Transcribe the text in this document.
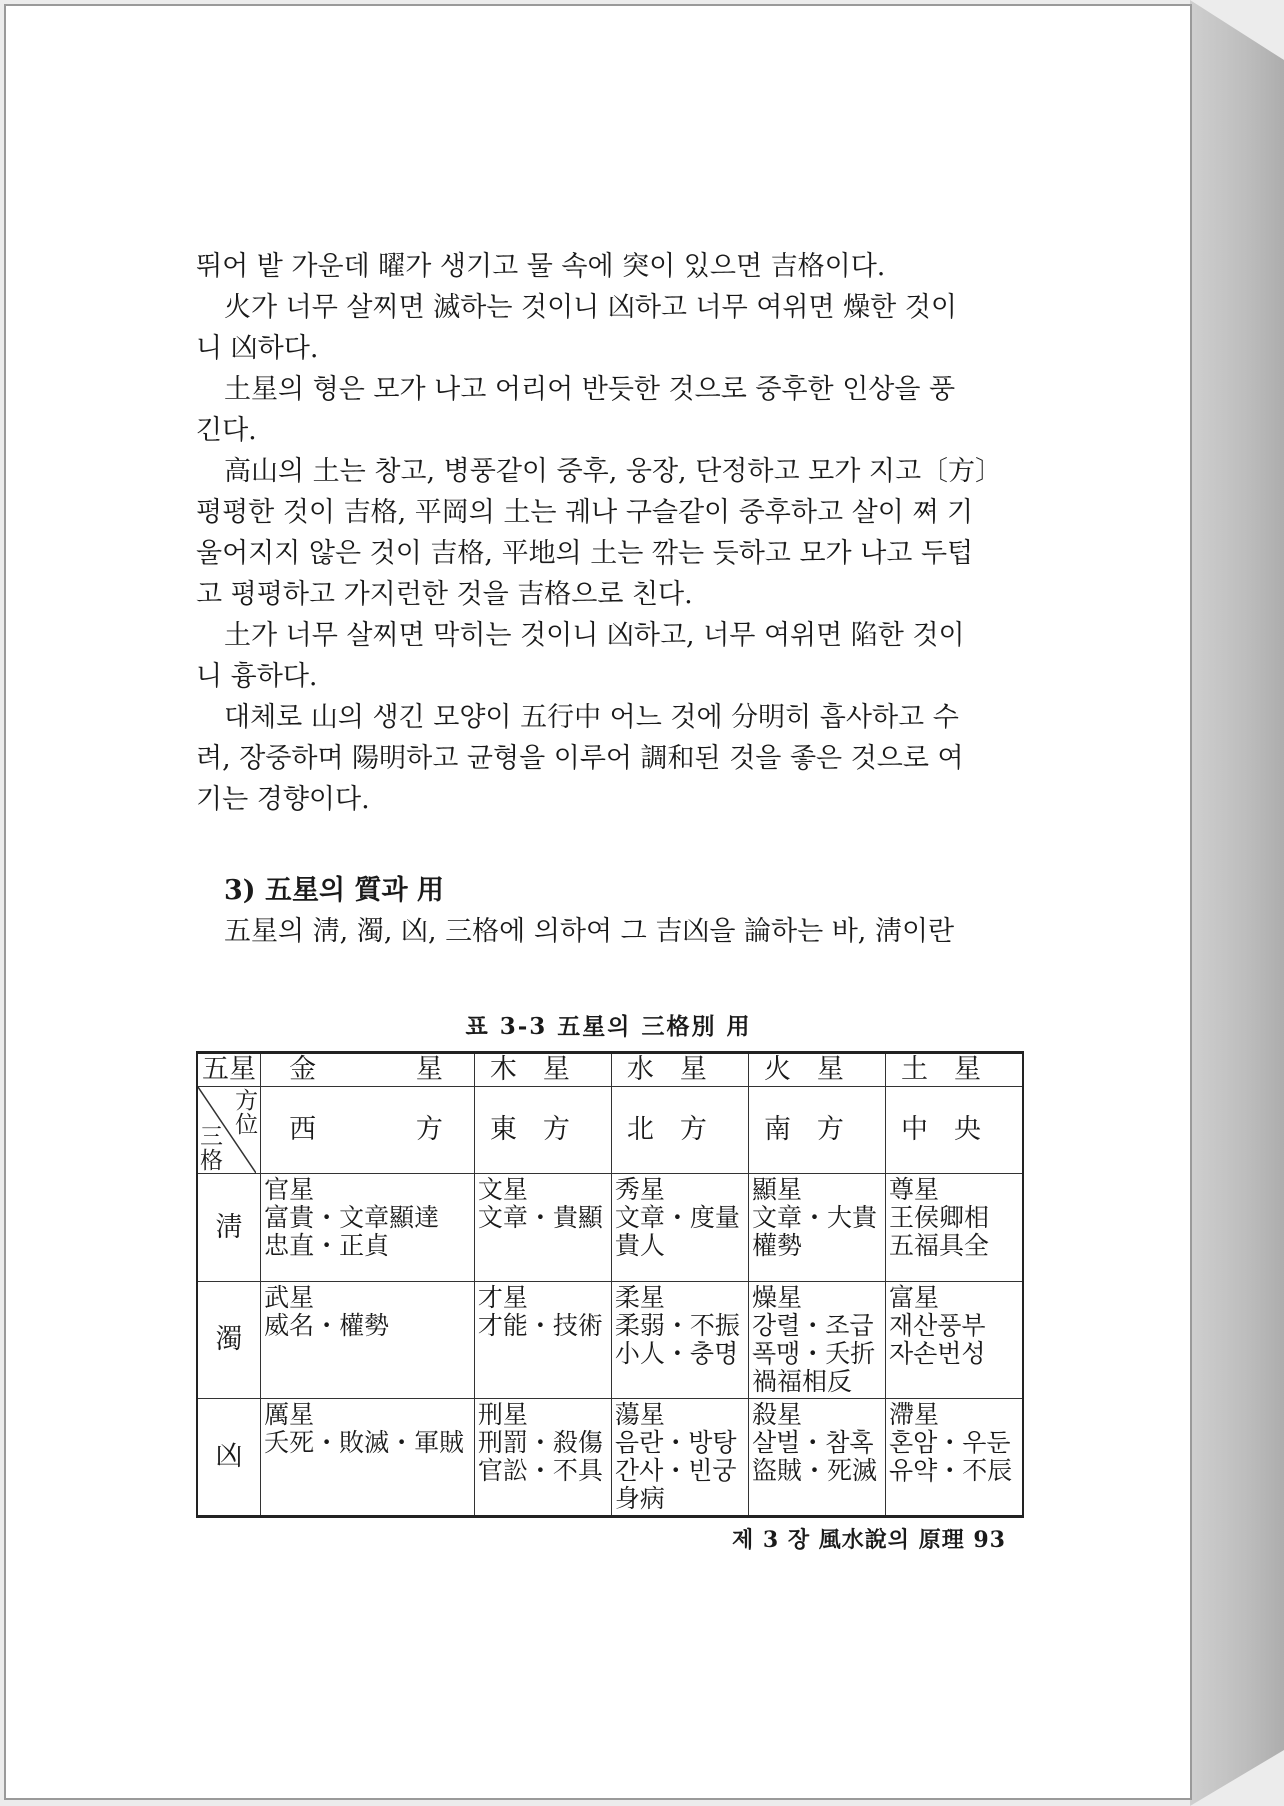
뛰어 밭 가운데 曜가 생기고 물 속에 突이 있으면 吉格이다.

火가 너무 살찌면 滅하는 것이니 凶하고 너무 여위면 燥한 것이

니 凶하다.

土星의 형은 모가 나고 어리어 반듯한 것으로 중후한 인상을 풍

긴다.

高山의 土는 창고, 병풍같이 중후, 웅장, 단정하고 모가 지고〔方〕

평평한 것이 吉格, 平岡의 土는 궤나 구슬같이 중후하고 살이 쪄 기

울어지지 않은 것이 吉格, 平地의 土는 깎는 듯하고 모가 나고 두텁

고 평평하고 가지런한 것을 吉格으로 친다.

土가 너무 살찌면 막히는 것이니 凶하고, 너무 여위면 陷한 것이

니 흉하다.

대체로 山의 생긴 모양이 五行中 어느 것에 分明히 흡사하고 수

려, 장중하며 陽明하고 균형을 이루어 調和된 것을 좋은 것으로 여

기는 경향이다.

3) 五星의 質과 用

五星의 淸, 濁, 凶, 三格에 의하여 그 吉凶을 論하는 바, 淸이란

표 3-3 五星의 三格別 用
五星	金 星	木星	水星	火星	土星

方
位
三
格	西 方	東方	北方	南方	中央
淸	官星
富貴・文章顯達
忠直・正貞	文星
文章・貴顯	秀星
文章・度量
貴人	顯星
文章・大貴
權勢	尊星
王侯卿相
五福具全
濁	武星
威名・權勢	才星
才能・技術	柔星
柔弱・不振
小人・충명	燥星
강렬・조급
폭맹・夭折
禍福相反	富星
재산풍부
자손번성
凶	厲星
夭死・敗滅・軍賊	刑星
刑罰・殺傷
官訟・不具	蕩星
음란・방탕
간사・빈궁
身病	殺星
살벌・참혹
盜賊・死滅	滯星
혼암・우둔
유약・不辰
제 3 장 風水說의 原理 93
